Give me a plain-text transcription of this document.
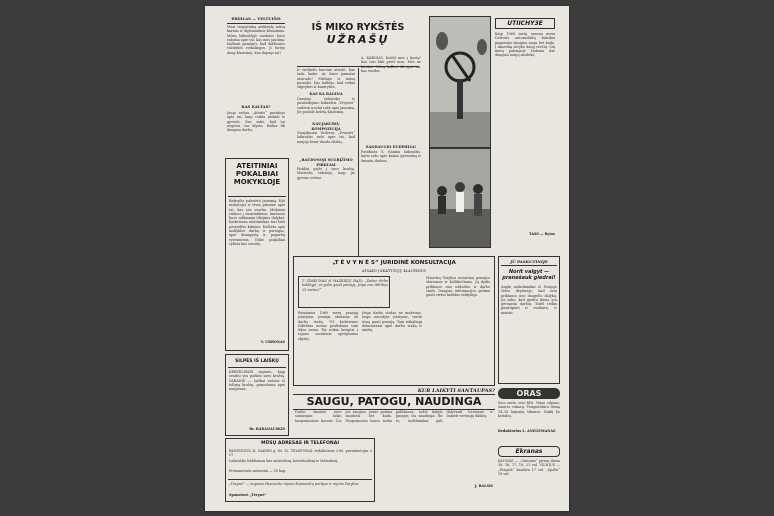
ERDILAS — VELTUIŠIS
Visai trupučiuką atskleidę mūsų karinis ir diplomatinis klausimus. Mūsų laikraštyje nuolatos buvo rašoma apie tai, kas mus jaudina. Kalbant pasakyti, kad didžiosios valstybės reikalingos. Ji turėjo daug klausimų. Kas išspręs tai?
KAS KALTAS?
Jauja raštas „Ateitis“ pasakojo apie tai, kaip reikia mokėti ir gyventi. Kas sako, kad tai negerai, tas klysta. Reikia tik daugiau darbo.
ATEITINIAI POKALBIAI MOKYKLOJE
Bažnyčia pakvietė jaunimą. Kiti mokytojai ir tėvai priminė apie tai, kas yra svarbu. Mokiniai rinkosi į susirinkimus, kuriuose buvo aiškinami tikėjimo dalykai. Kiekvienas ateitininkas turi būti pavyzdžiu kitiems. Kalbėta apie mokyklos darbą ir pareigas, apie draugystę ir pagarbą vyresniems. Tokie pokalbiai vyksta kas savaitę.
V. URBONAS
SILPĖS IŠ LAIŠKŲ
KERVĖLIŠKIS suprato, kaip svarbu yra pažinti savo kraštą. VARANIS — laiškai rašomi iš tolimų kraštų, pranešama apie naujienas.
Br. BARANAUSKIS
IŠ MIKO RYKŠTĖS
UŽRAŠŲ
Ir vieškelis barvine atrodė. Kas tada laukė. Ar šiuos pamatai atsirado? Mūšiuje ir mūsų pasaulis. Kas kalbėjo, kad reikia stiprybės ir kantrybės.
KAS KA RAGINA
Garsiojo ryšininko ir pasižadėjimo laikraštis „Tėvynės“ vadovai nuolat rašė apie jaunimą. Jie pasiūlė keletą klausimų.
NAUJAKURIŲ KOMPOZICIJA
Naujakuriai Vadovas „Tėvynės“ laikraštis rašė apie tai, kad naujoji žemė duoda derlių.
„RAUDONOJI SUGRĮŽIMO PIRKLIAI
Pirkliai grįžo į savo kraštą. Miestelis sužinojo, kaip jie gyveno svetur.
A. KAROLIS. Kodėl mes į kurią? Kas turi būti prieš mus. Mes ne kitokie. Mūsų kalbos tik apie tai, kas svarbu.
SANDAUGIO EUDEHI2A!
Pavidinės S. Rankiu laikraštis, kuris rašo apie kaimo gyvenimą ir žmonių darbus.
UTIICHY3E
Kaip 1968 metų sezono metu Detroito automobilių fabrikai pagamino daugiau negu bet kada. Į Ameriką atvyko daug svečių. Šių metų pabaigoje žadama dar daugiau naujų modelių.
TASS — Rytas
„T Ė V Y N Ė S“ JURIDINĖ KONSULTACIJA
ATSAKO Į SKAITYTOJŲ KLAUSIMUS
T. ŠIMKŪNAS iš MAŽEIKIŲ RAJO. „Dabar dirbu kolūkyje, ar galiu gauti pensiją, jeigu esu išdirbęs 25 metus?“
Remiantis 1960 metų pensijų įstatymu, pensija skiriama už darbo stažą. Už kiekvienus išdirbtus metus pridedama tam tikra suma. Tai reikia kreiptis į rajono socialinio aprūpinimo skyrių.
Jeigu darbo stažas ne mažesnis, negu nurodyta įstatyme, turite teisę gauti pensiją. Tam reikalingi dokumentai apie darbo stažą ir amžių.
Ministrų Tarybos nutarimu pensijos skiriamos ir kolūkiečiams. Jų dydis priklauso nuo uždarbio ir darbo stažo. Daugiau informacijos galima gauti vietos kolūkio valdyboje.
KUR LAIKYTI SANTAUPAS?
SAUGU, PATOGU, NAUDINGA
Darbo žmonės savo santaupas laiko taupomosiose kasose. Čia jos saugios, jomis galima naudotis bet kada. Taupomosios kasos moka palūkanas, todėl laikyti pinigus čia naudinga. Be to, indėlininkai gali dalyvauti loterijose ir laimėti vertingų daiktų.
J. BALSIS
JŪ PASKUTINIJE
Norit valgyt — pranešauk giedrai!
Anglų mokslininkai iš Naujojo Velso ištyrinėjo, kad orai priklauso nuo daugelio dalykų. Jie sako, kad giedra diena yra geriausia darbui. Todėl reikia pasirūpinti ir sveikata, ir maistu.
ORAS
Šiuo metu orai šilti. Vėjas silpnas, šiaurės vakarų. Temperatūra dieną 14–18 laipsnių šilumos. Naktį be kritulių.
Redaktorius L. ANEGEMANAS
Ekranas
KAUNAS — „Gintaras“ pirma diena 18, 16, 17, 19, 21 val. VILNIUS — „Pergalė“ kasdien 17 val. „Spalis“ 15 val.
MŪSŲ ADRESAS IR TELEFONAI
PANEVĖŽYS, K. GAIDĖS g. Nr. 12. TELEFONAI: redaktorius 2-65, pavaduotojas 2-57.
Laikraštis leidžiamas kas antradienį, ketvirtadienį ir šeštadienį.
Prenumerata mėnesiui — 30 kap.
„Tėvynė“ — organas Panevėžio rajono Komunistų partijos ir rajono Tarybos.
Spaustuvė „Tėvynė“
